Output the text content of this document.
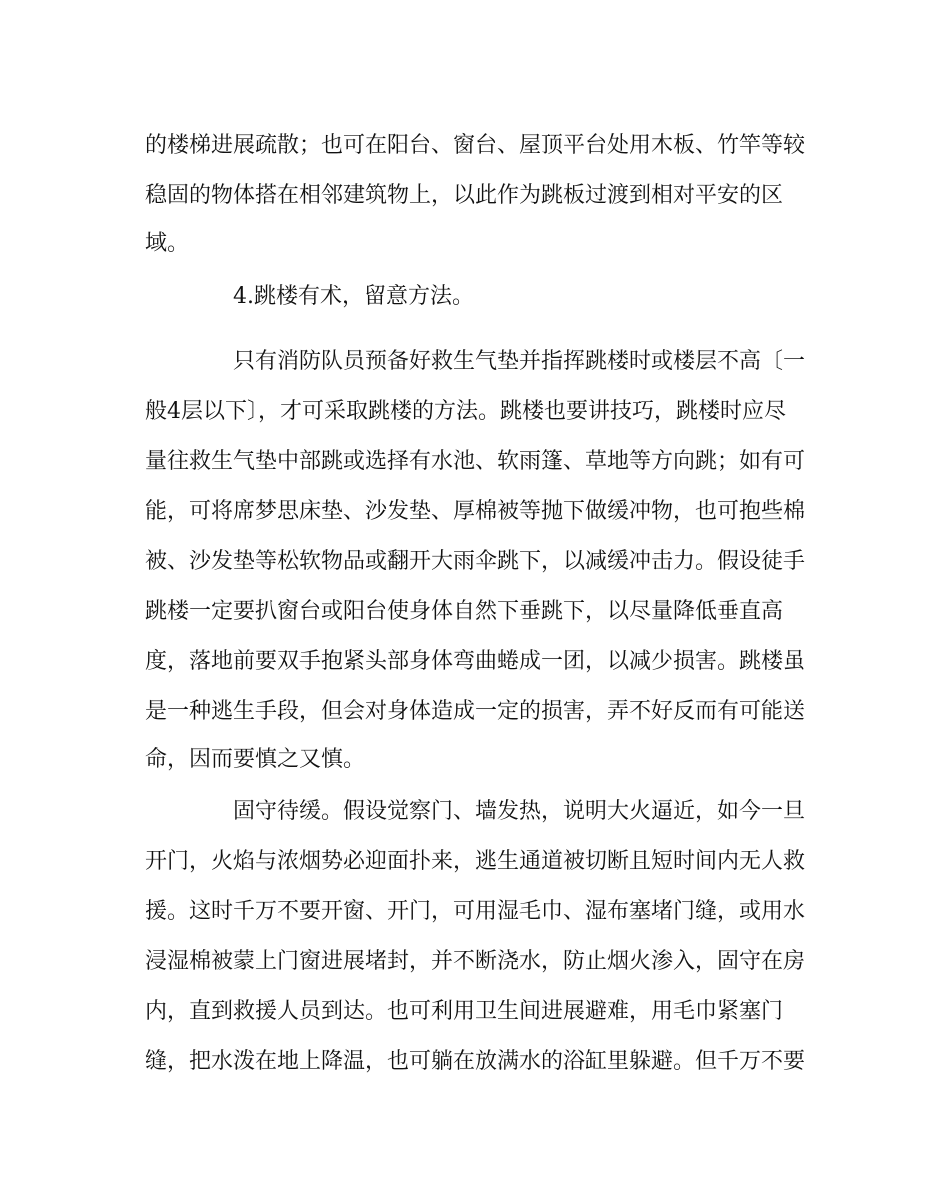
的楼梯进展疏散；也可在阳台、窗台、屋顶平台处用木板、竹竿等较

稳固的物体搭在相邻建筑物上，以此作为跳板过渡到相对平安的区

域。

4.跳楼有术，留意方法。

只有消防队员预备好救生气垫并指挥跳楼时或楼层不高〔一

般4层以下〕，才可采取跳楼的方法。跳楼也要讲技巧，跳楼时应尽

量往救生气垫中部跳或选择有水池、软雨篷、草地等方向跳；如有可

能，可将席梦思床垫、沙发垫、厚棉被等抛下做缓冲物，也可抱些棉

被、沙发垫等松软物品或翻开大雨伞跳下，以减缓冲击力。假设徒手

跳楼一定要扒窗台或阳台使身体自然下垂跳下，以尽量降低垂直高

度，落地前要双手抱紧头部身体弯曲蜷成一团，以减少损害。跳楼虽

是一种逃生手段，但会对身体造成一定的损害，弄不好反而有可能送

命，因而要慎之又慎。

固守待缓。假设觉察门、墙发热，说明大火逼近，如今一旦

开门，火焰与浓烟势必迎面扑来，逃生通道被切断且短时间内无人救

援。这时千万不要开窗、开门，可用湿毛巾、湿布塞堵门缝，或用水

浸湿棉被蒙上门窗进展堵封，并不断浇水，防止烟火渗入，固守在房

内，直到救援人员到达。也可利用卫生间进展避难，用毛巾紧塞门

缝，把水泼在地上降温，也可躺在放满水的浴缸里躲避。但千万不要
